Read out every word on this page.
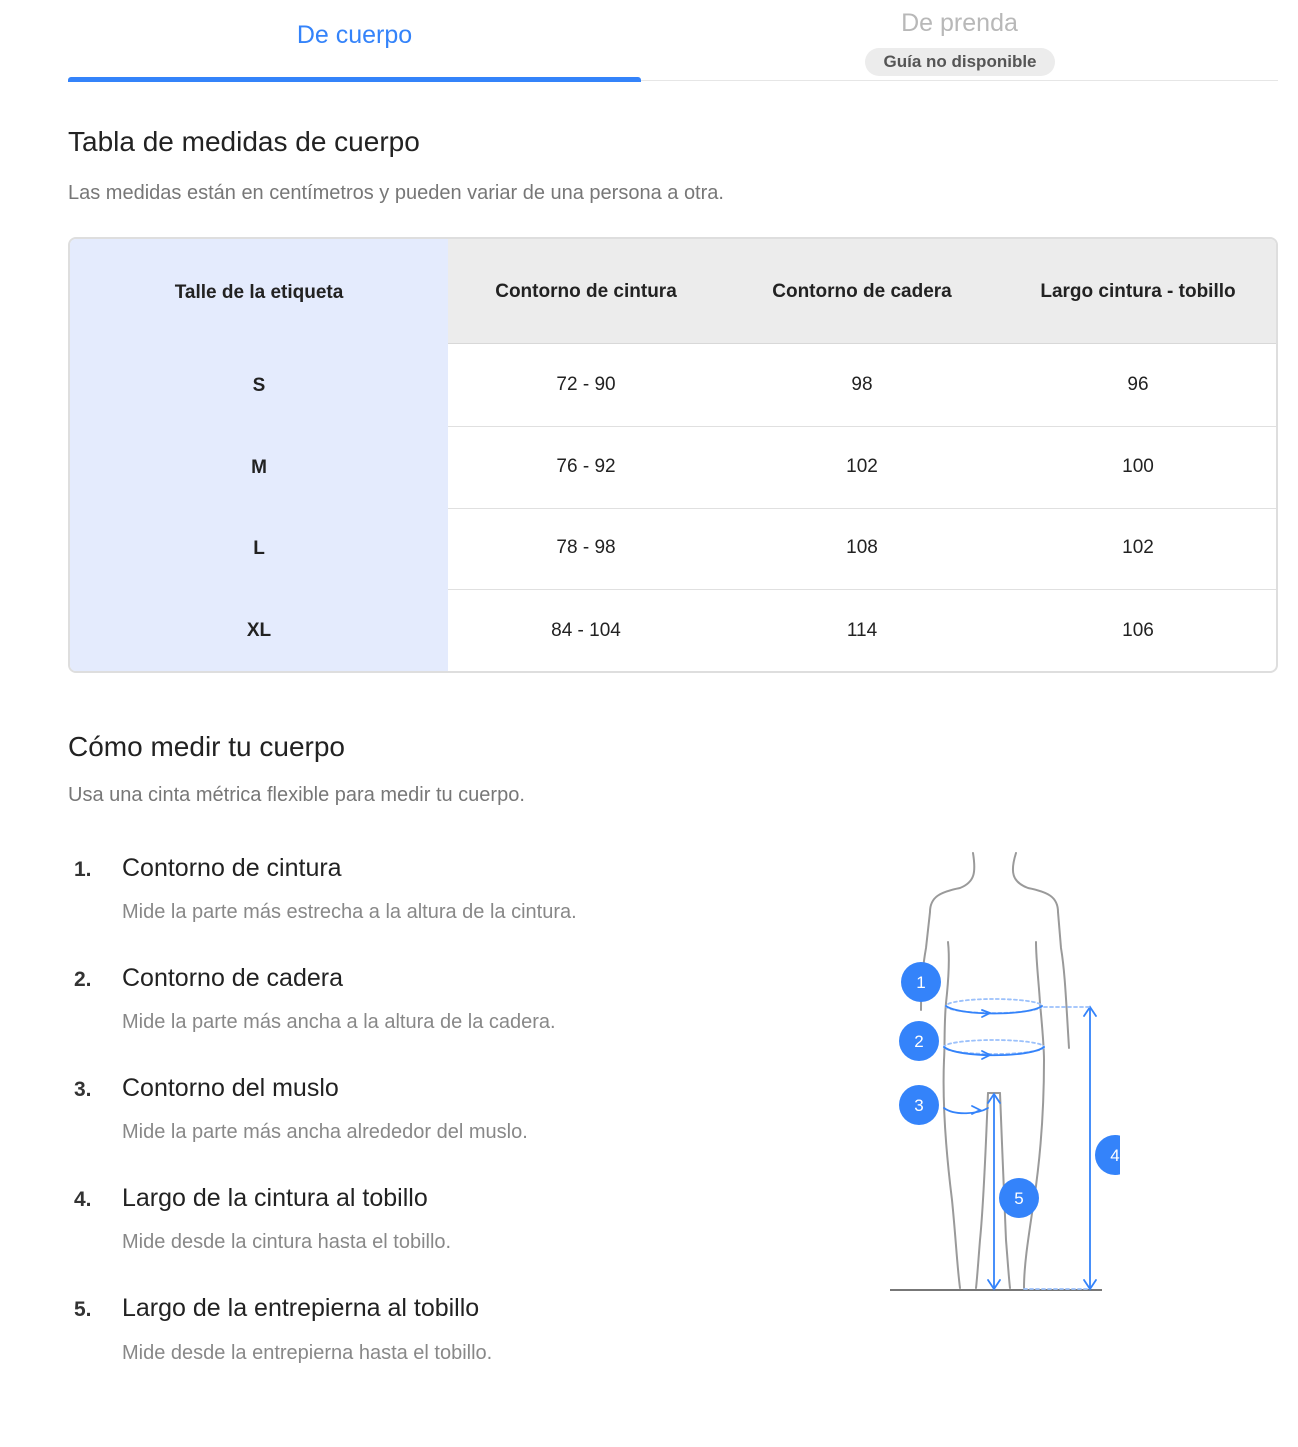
De cuerpo	De prenda
Guía no disponible
Tabla de medidas de cuerpo
Las medidas están en centímetros y pueden variar de una persona a otra.
Talle de la etiqueta	Contorno de cintura	Contorno de cadera	Largo cintura - tobillo
S	72 - 90	98	96
M	76 - 92	102	100
L	78 - 98	108	102
XL	84 - 104	114	106
Cómo medir tu cuerpo
Usa una cinta métrica flexible para medir tu cuerpo.
1. Contorno de cintura
Mide la parte más estrecha a la altura de la cintura.
2. Contorno de cadera
Mide la parte más ancha a la altura de la cadera.
3. Contorno del muslo
Mide la parte más ancha alrededor del muslo.
4. Largo de la cintura al tobillo
Mide desde la cintura hasta el tobillo.
5. Largo de la entrepierna al tobillo
Mide desde la entrepierna hasta el tobillo.
1
2
3
4
5
